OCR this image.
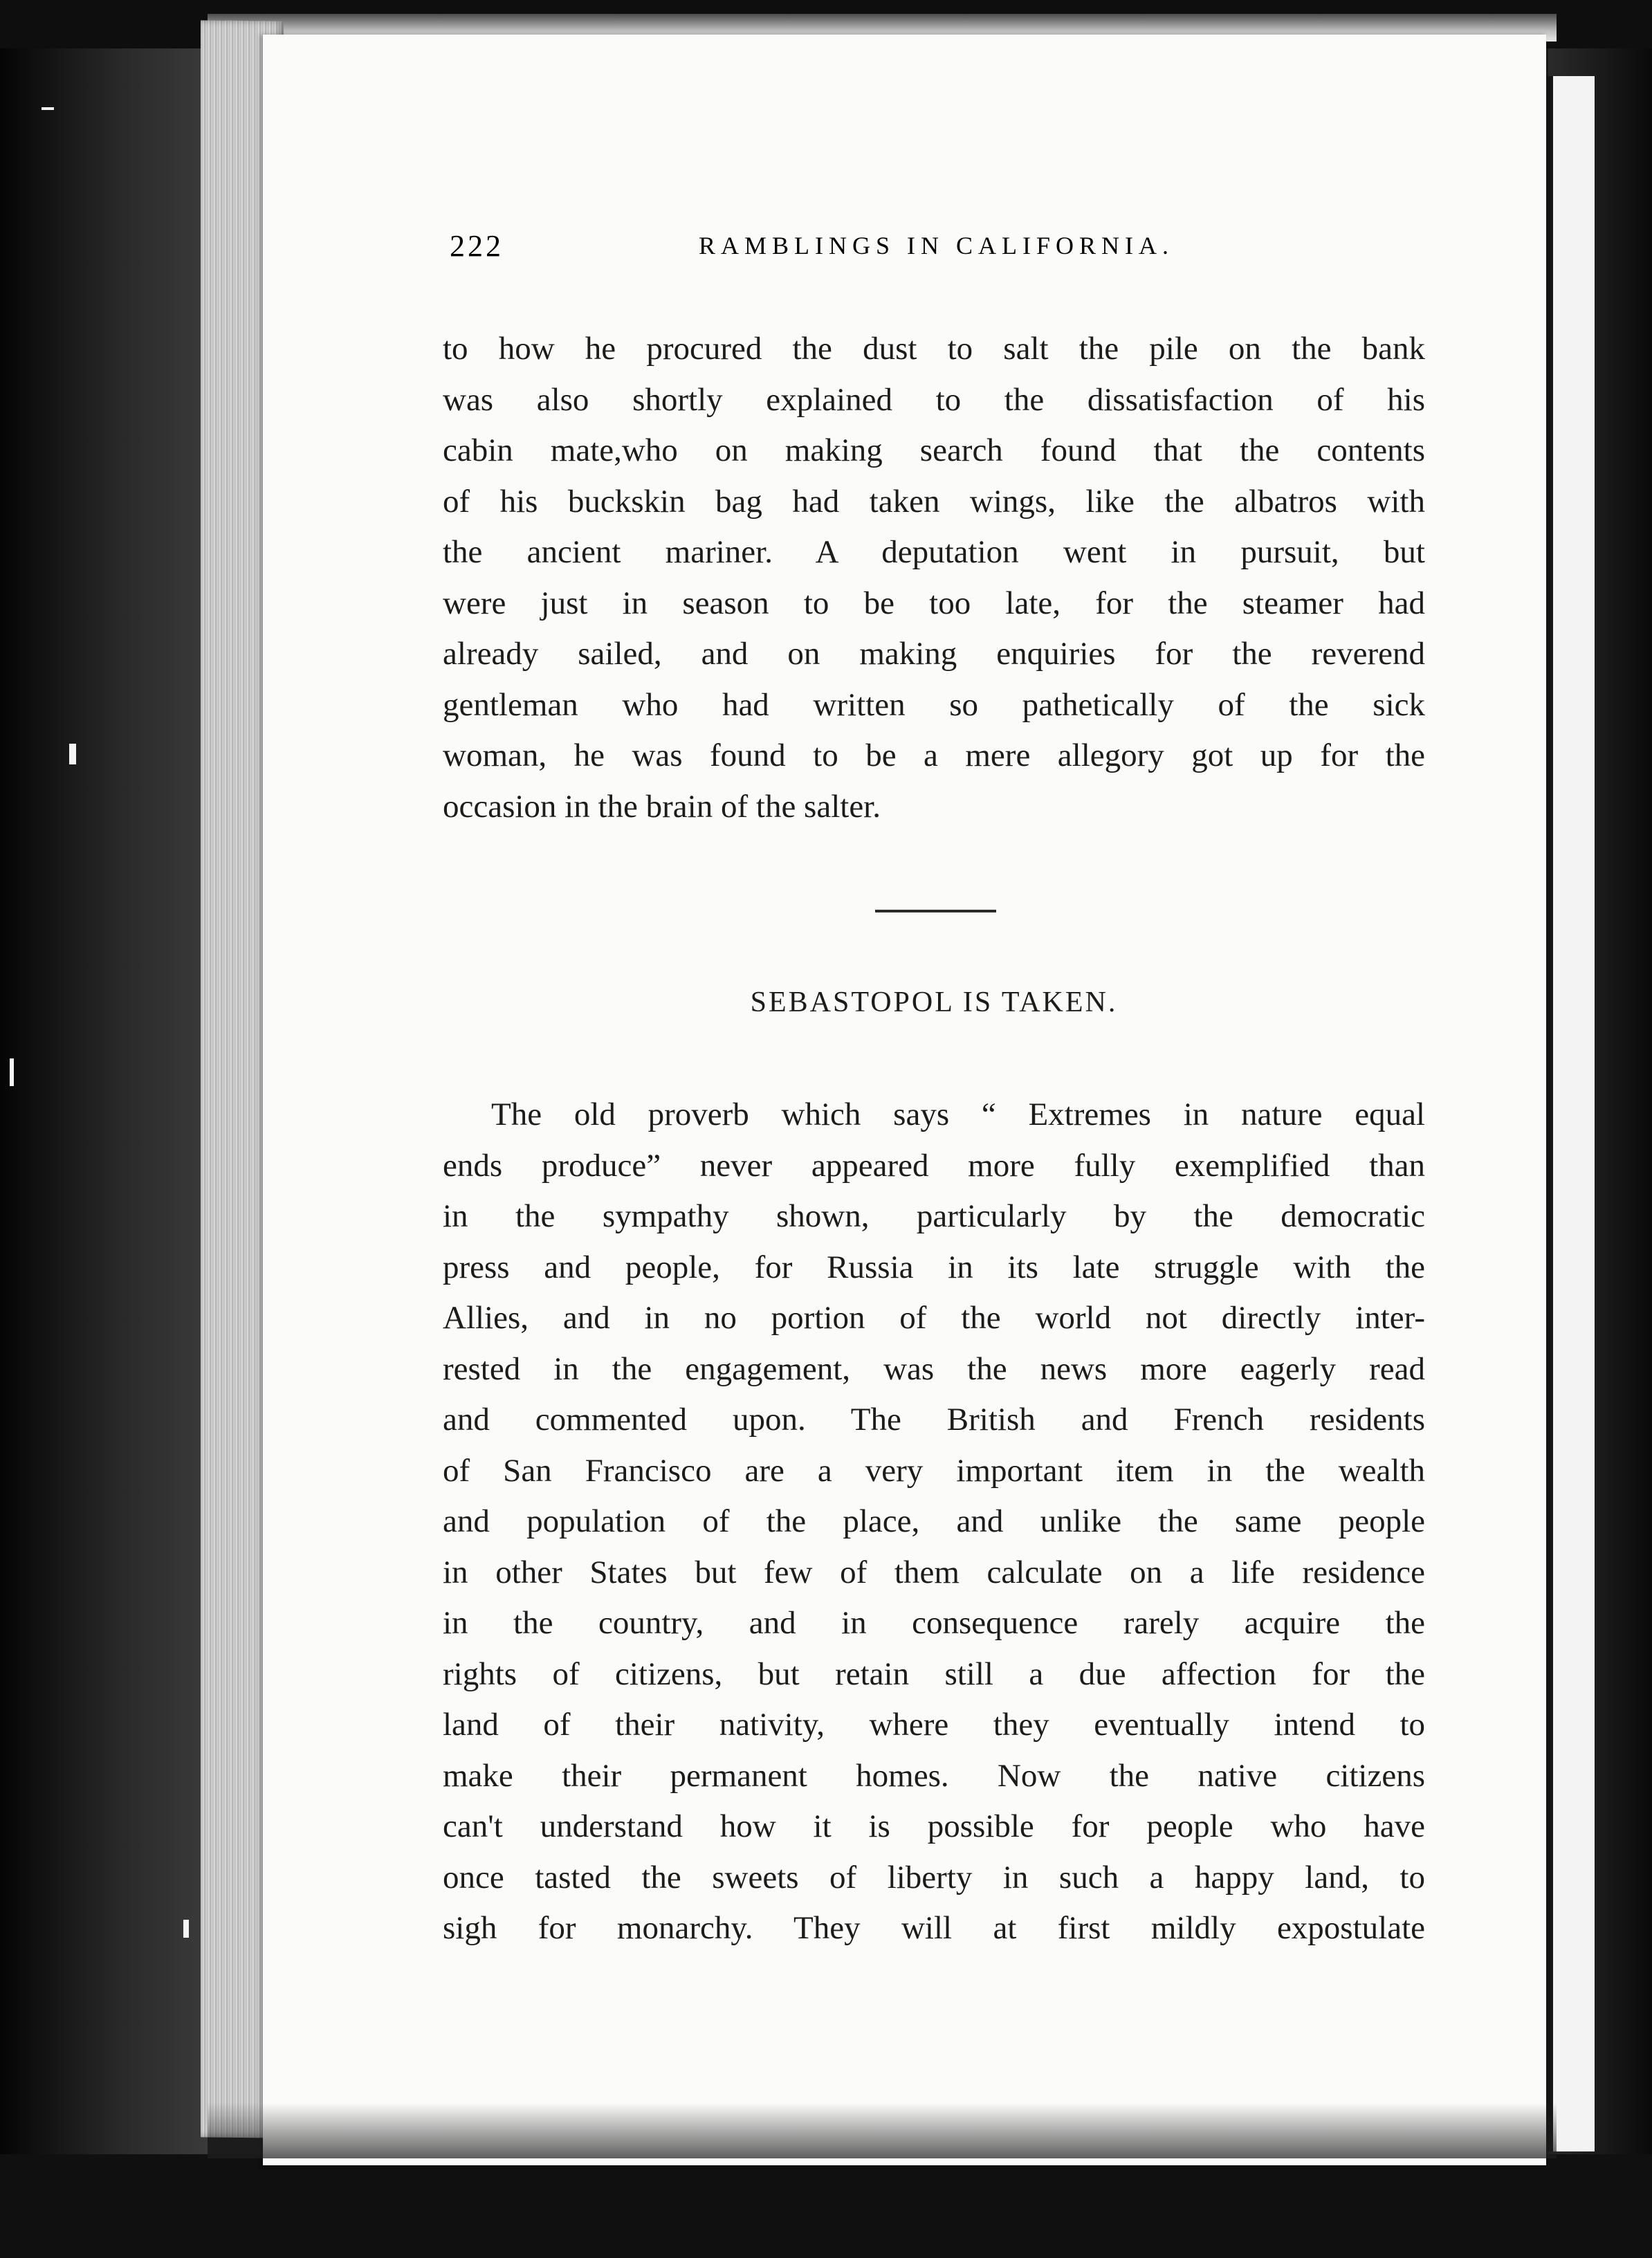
222	RAMBLINGS IN CALIFORNIA.

to how he procured the dust to salt the pile on the bank
was also shortly explained to the dissatisfaction of his
cabin mate,who on making search found that the contents
of his buckskin bag had taken wings, like the albatros with
the ancient mariner. A deputation went in pursuit, but
were just in season to be too late, for the steamer had
already sailed, and on making enquiries for the reverend
gentleman who had written so pathetically of the sick
woman, he was found to be a mere allegory got up for the
occasion in the brain of the salter.

SEBASTOPOL IS TAKEN.

The old proverb which says “ Extremes in nature equal
ends produce” never appeared more fully exemplified than
in the sympathy shown, particularly by the democratic
press and people, for Russia in its late struggle with the
Allies, and in no portion of the world not directly inter-
rested in the engagement, was the news more eagerly read
and commented upon. The British and French residents
of San Francisco are a very important item in the wealth
and population of the place, and unlike the same people
in other States but few of them calculate on a life residence
in the country, and in consequence rarely acquire the
rights of citizens, but retain still a due affection for the
land of their nativity, where they eventually intend to
make their permanent homes. Now the native citizens
can't understand how it is possible for people who have
once tasted the sweets of liberty in such a happy land, to
sigh for monarchy. They will at first mildly expostulate
